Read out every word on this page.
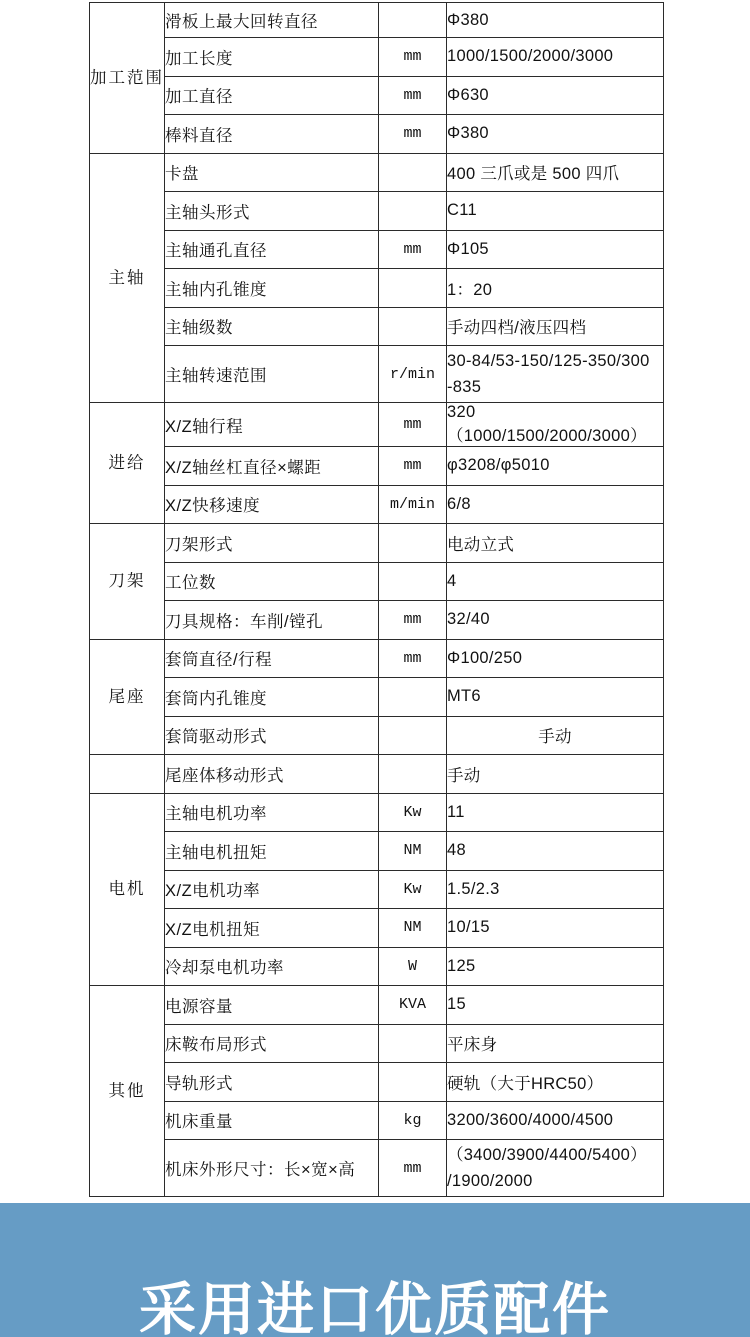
加工范围	滑板上最大回转直径		Φ380
	加工长度	mm	1000/1500/2000/3000
	加工直径	mm	Φ630
	棒料直径	mm	Φ380
主轴	卡盘		400 三爪或是 500 四爪
	主轴头形式		C11
	主轴通孔直径	mm	Φ105
	主轴内孔锥度		1：20
	主轴级数		手动四档/液压四档
	主轴转速范围	r/min	30-84/53-150/125-350/300
-835

进给	X/Z轴行程	mm	320（1000/1500/2000/3000）
	X/Z轴丝杠直径×螺距	mm	φ3208/φ5010
	X/Z快移速度	m/min	6/8
刀架	刀架形式		电动立式
	工位数		4
	刀具规格：车削/镗孔	mm	32/40
尾座	套筒直径/行程	mm	Φ100/250
	套筒内孔锥度		MT6
	套筒驱动形式		手动
	尾座体移动形式		手动
电机	主轴电机功率	Kw	11
	主轴电机扭矩	NM	48
	X/Z电机功率	Kw	1.5/2.3
	X/Z电机扭矩	NM	10/15
	冷却泵电机功率	W	125
其他	电源容量	KVA	15
	床鞍布局形式		平床身
	导轨形式		硬轨（大于HRC50）
	机床重量	kg	3200/3600/4000/4500
	机床外形尺寸：长×宽×高	mm	（3400/3900/4400/5400）
/1900/2000
采用进口优质配件
